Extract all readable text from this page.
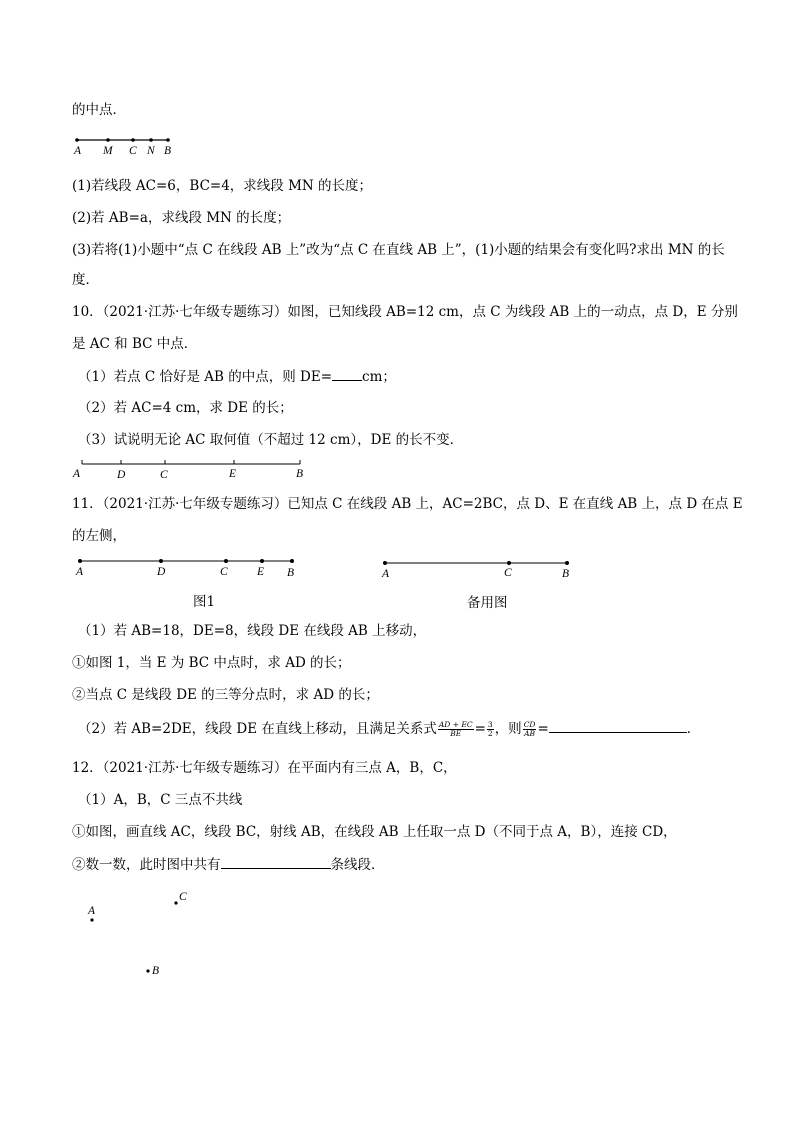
的中点．
A M C N B
(1)若线段 AC=6，BC=4，求线段 MN 的长度；
(2)若 AB=a，求线段 MN 的长度；
(3)若将(1)小题中“点 C 在线段 AB 上”改为“点 C 在直线 AB 上”，(1)小题的结果会有变化吗?求出 MN 的长
度．
10．（2021·江苏·七年级专题练习）如图，已知线段 AB=12 cm，点 C 为线段 AB 上的一动点，点 D，E 分别
是 AC 和 BC 中点．
（1）若点 C 恰好是 AB 的中点，则 DE= cm；
（2）若 AC=4 cm，求 DE 的长；
（3）试说明无论 AC 取何值（不超过 12 cm），DE 的长不变．
A	D	C	E	B
11．（2021·江苏·七年级专题练习）已知点 C 在线段 AB 上，AC=2BC，点 D、E 在直线 AB 上，点 D 在点 E
的左侧，
A	D	C	E B
图1
A	C	B
备用图
（1）若 AB=18，DE=8，线段 DE 在线段 AB 上移动，
①如图 1，当 E 为 BC 中点时，求 AD 的长；
②当点 C 是线段 DE 的三等分点时，求 AD 的长；
（2）若 AB=2DE，线段 DE 在直线上移动，且满足关系式 $\frac{AD + EC}{BE} = \frac{3}{2}$ ，则 $\frac{CD}{AB}$ =	．
12．（2021·江苏·七年级专题练习）在平面内有三点 A，B，C，
（1）A，B，C 三点不共线
①如图，画直线 AC，线段 BC，射线 AB，在线段 AB 上任取一点 D（不同于点 A，B），连接 CD，
②数一数，此时图中共有	条线段．
A
B
C
